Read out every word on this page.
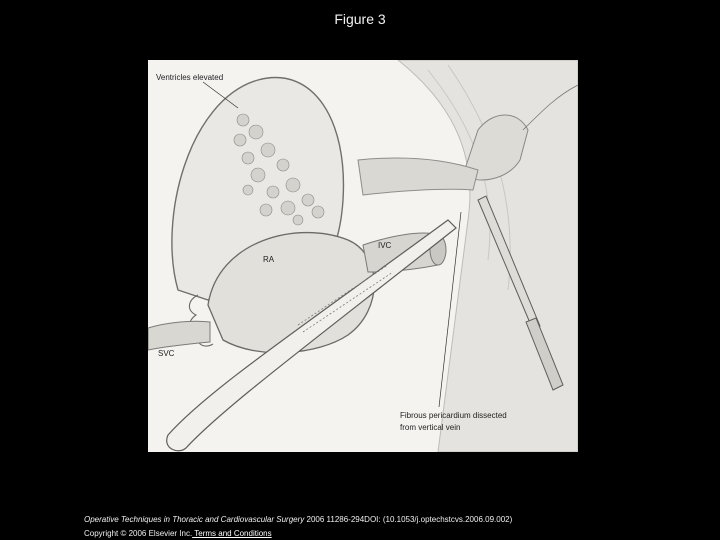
Figure 3
Ventricles elevated
IVC
RA
SVC
Fibrous pericardium dissected
from vertical vein
Operative Techniques in Thoracic and Cardiovascular Surgery 2006 11286-294DOI: (10.1053/j.optechstcvs.2006.09.002)
Copyright © 2006 Elsevier Inc. Terms and Conditions
